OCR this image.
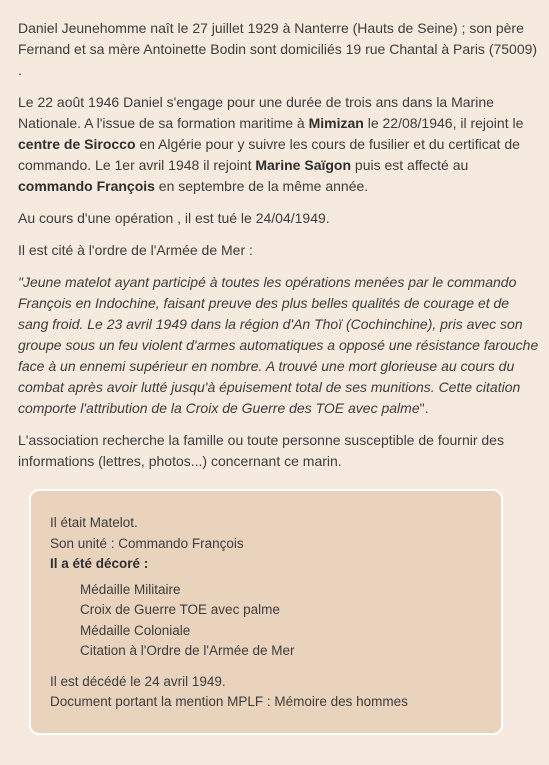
Daniel Jeunehomme naît le 27 juillet 1929 à Nanterre (Hauts de Seine) ; son père Fernand et sa mère Antoinette Bodin sont domiciliés 19 rue Chantal à Paris (75009) .

Le 22 août 1946 Daniel s'engage pour une durée de trois ans dans la Marine Nationale. A l'issue de sa formation maritime à Mimizan le 22/08/1946, il rejoint le centre de Sirocco en Algérie pour y suivre les cours de fusilier et du certificat de commando. Le 1er avril 1948 il rejoint Marine Saïgon puis est affecté au commando François en septembre de la même année.

Au cours d'une opération , il est tué le 24/04/1949.

Il est cité à l'ordre de l'Armée de Mer :

"Jeune matelot ayant participé à toutes les opérations menées par le commando François en Indochine, faisant preuve des plus belles qualités de courage et de sang froid. Le 23 avril 1949 dans la région d'An Thoï (Cochinchine), pris avec son groupe sous un feu violent d'armes automatiques a opposé une résistance farouche face à un ennemi supérieur en nombre. A trouvé une mort glorieuse au cours du combat après avoir lutté jusqu'à épuisement total de ses munitions. Cette citation comporte l'attribution de la Croix de Guerre des TOE avec palme".

L'association recherche la famille ou toute personne susceptible de fournir des informations (lettres, photos...) concernant ce marin.

Il était Matelot.
Son unité : Commando François
Il a été décoré :
Médaille Militaire
Croix de Guerre TOE avec palme
Médaille Coloniale
Citation à l'Ordre de l'Armée de Mer
Il est décédé le 24 avril 1949.
Document portant la mention MPLF : Mémoire des hommes
